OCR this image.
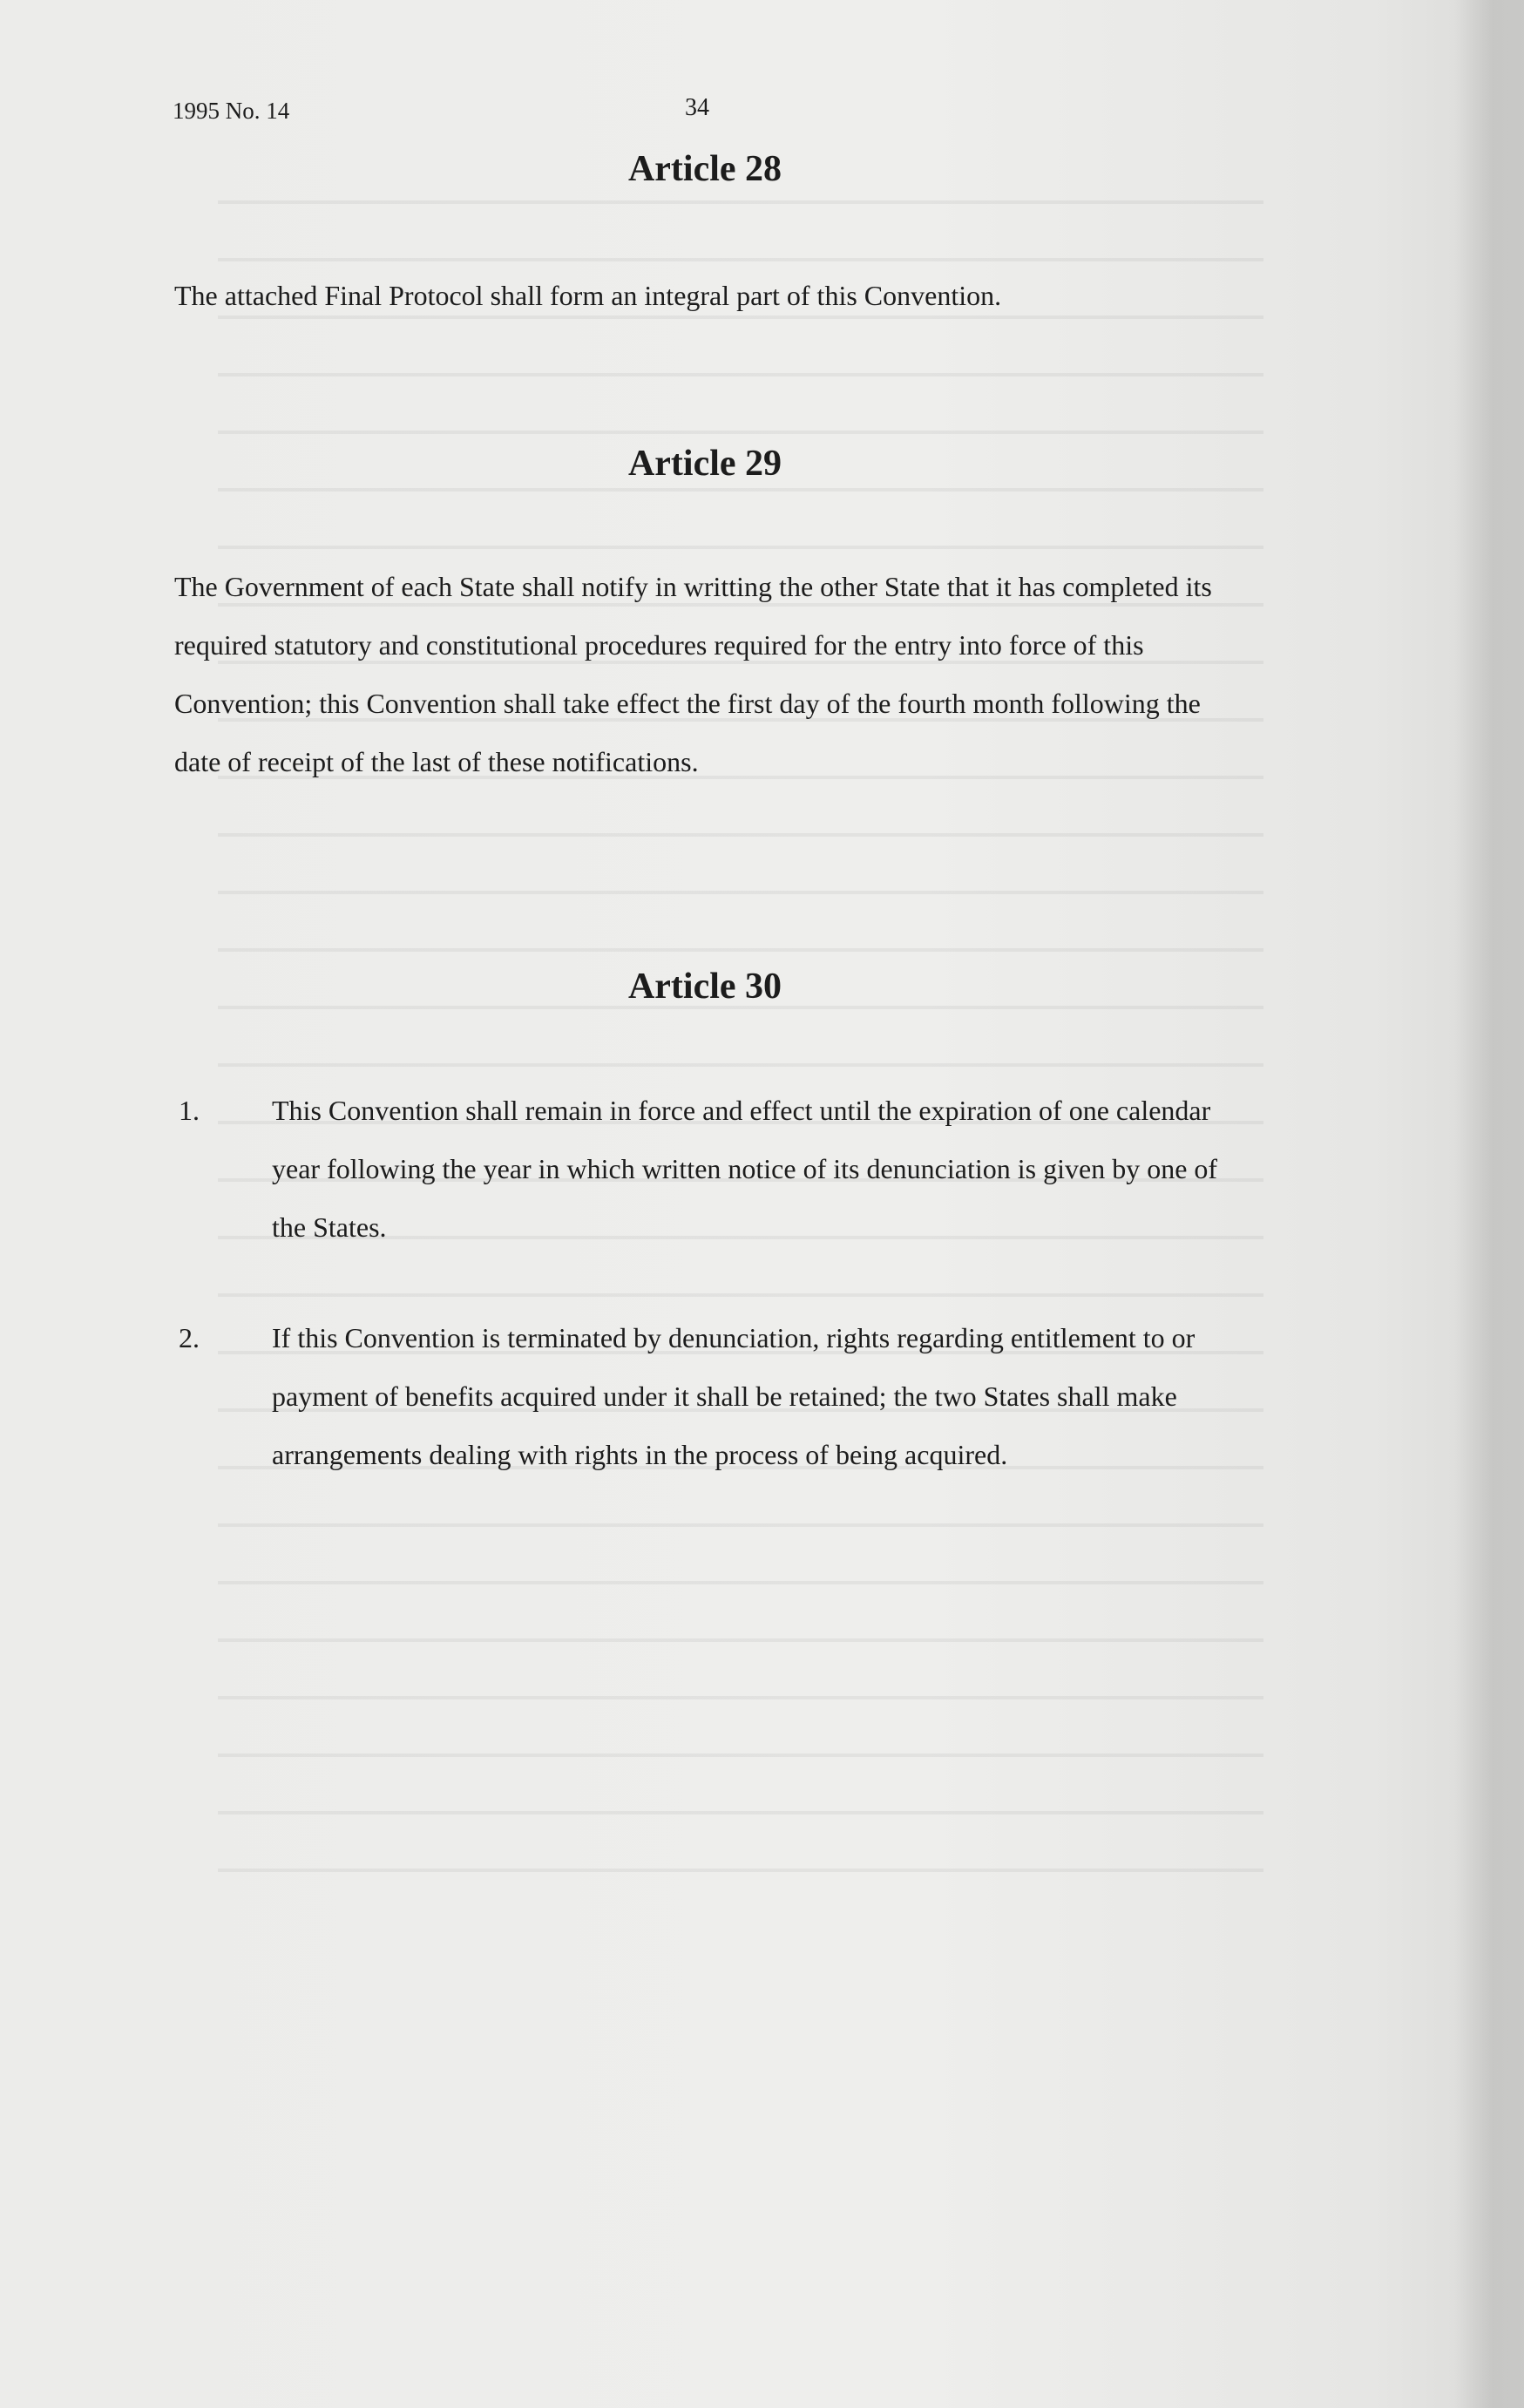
1995 No. 14	34
Article 28
The attached Final Protocol shall form an integral part of this Convention.
Article 29
The Government of each State shall notify in writting the other State that it has completed its required statutory and constitutional procedures required for the entry into force of this Convention; this Convention shall take effect the first day of the fourth month following the date of receipt of the last of these notifications.
Article 30
1.	This Convention shall remain in force and effect until the expiration of one calendar year following the year in which written notice of its denunciation is given by one of the States.
2.	If this Convention is terminated by denunciation, rights regarding entitlement to or payment of benefits acquired under it shall be retained; the two States shall make arrangements dealing with rights in the process of being acquired.
